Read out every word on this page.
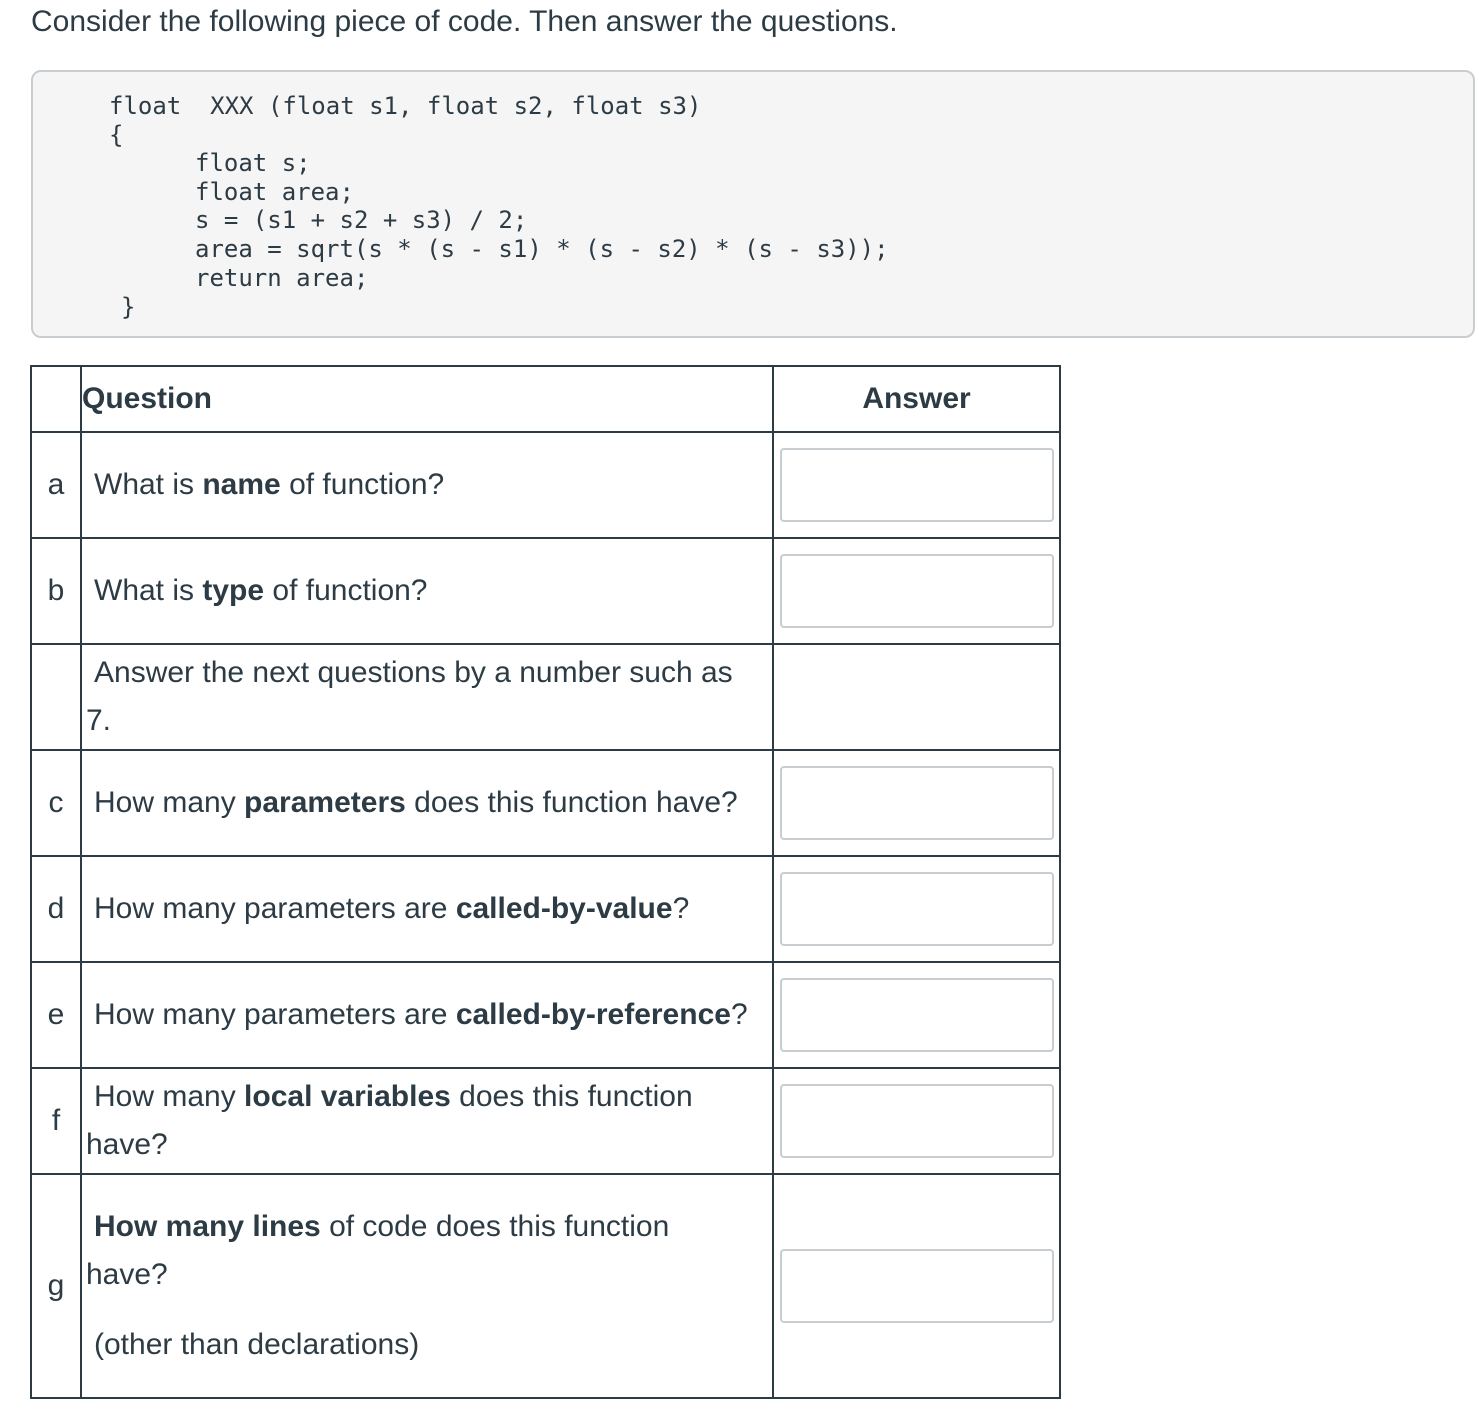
Consider the following piece of code. Then answer the questions.
float  XXX (float s1, float s2, float s3)
{
float s;
float area;
s = (s1 + s2 + s3) / 2;
area = sqrt(s * (s - s1) * (s - s2) * (s - s3));
return area;
}
	Question	Answer
a	What is name of function?	

b	What is type of function?	

	Answer the next questions by a number such as
7.	

c	How many parameters does this function have?	

d	How many parameters are called-by-value?	

e	How many parameters are called-by-reference?	

f	How many local variables does this function
have?

g	How many lines of code does this function
have?
(other than declarations)
